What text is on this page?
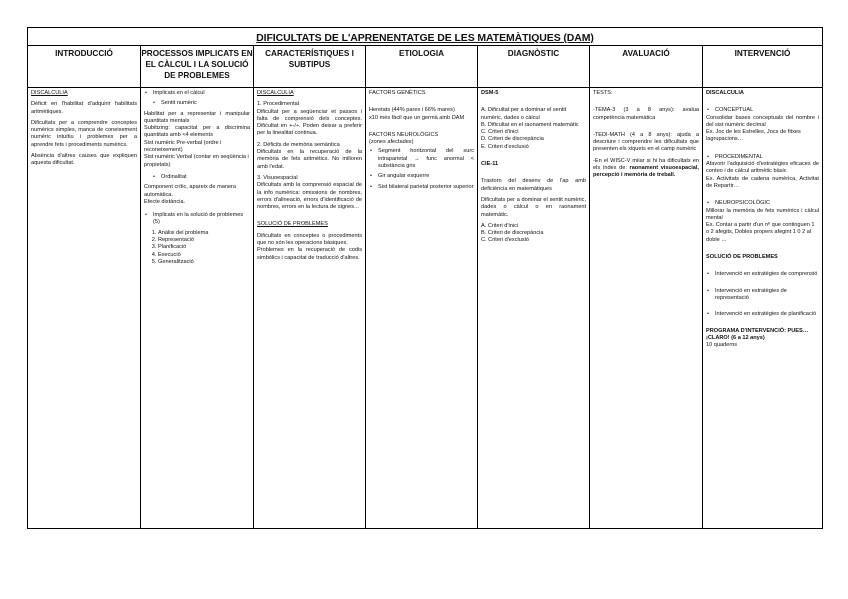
DIFICULTATS DE L'APRENENTATGE DE LES MATEMÀTIQUES (DAM)
INTRODUCCIÓ

DISCALCULIA

Dèficit en l'habilitat d'adquirir habilitats aritmètiques.

Dificultats per a comprendre conceptes numèrics simples, manca de coneixement numèric intuïtiu i problemes per a aprendre fets i procediments numèrics.

Absència d'altres causes que expliquen aquesta dificultat.

PROCESSOS IMPLICATS EN EL CÀLCUL I LA SOLUCIÓ DE PROBLEMES
• Implicats en el càlcul
• Sentit numèric

Habilitat per a representar i manipular quantitats mentals

Subitizing: capacitat per a discrimina quantitats amb <4 elements

Sist numèric Pre-verbal (ordre i reconeixement)

Sist numèric Verbal (contar en seqüència i propietats)

• Ordinalitat

Component crític, apareix de manera automàtica.

Efecte distància.

• Implicats en la solució de problemes (5)
1. Anàlisi del problema
2. Representació
3. Planificació
4. Execució
5. Generalització
CARACTERÍSTIQUES I SUBTIPUS

DISCALCULIA

1. Procedimental

Dificultat per a seqüenciar et passos i falta de comprensió dels conceptes. Dificultat en +-/÷. Poden deixar a preferir per la linealitat continua.

2. Dèficits de memòria semàntica

Dificultats en la recuperació de la memòria de fets aritmètics. No milloren amb l'edat.

3. Visuoespacial

Dificultats amb la comprensió espacial de la info numèrica: omissions de nombres, errors d'alineació, errors d'identificació de nombres, errors en la lectura de signes…

SOLUCIÓ DE PROBLEMES

Dificultats en conceptes o procediments que no són les operacions bàsiques.

Problemes en la recuperació de codis simbòlics i capacitat de traducció d'altres.

ETIOLOGIA

FACTORS GENÈTICS

Heretats (44% pares i 66% mares)

x10 més fàcil que un germà amb DAM

FACTORS NEUROLÒGICS

(zones afectades)

• Segment horitzontal del surc intraparietal → func anormal < substància gris
• Gir angular esquerre
• Sist bilateral parietal posterior superior
DIAGNÒSTIC

DSM-5

A. Dificultat per a dominar el sentit numèric, dades o càlcul

B. Dificultat en el raonament matemàtic

C. Criteri d'inici

D. Criteri de discrepància

E. Criteri d'exclusió

CIE-11

Trastorn del desenv de l'ap amb deficiència en matemàtiques

Dificultats per a dominar el sentit numèric, dades o càlcul o en raonament matemàtic.

A. Criteri d'inici

B. Criteri de discrepància

C. Criteri d'exclusió

AVALUACIÓ

TESTS:

-TEMA-3 (3 a 8 anys): avalua competència matemàtica

-TEDI-MATH (4 a 8 anys): ajuda a descriure i comprendre les dificultats que presenten els xiquets en el camp numèric

-En el WISC-V miiar si hi ha dificultats en els índex de: raonament visuoespacial, percepció i memòria de treball.

INTERVENCIÓ

DISCALCULIA

• CONCEPTUAL

Consolidar bases conceptuals del nombre i del sist numèric decimal

Ex. Joc de les Estrelles, Jocs de fitxes lagrupacions…

• PROCEDIMENTAL

Afavorir l'adquisició d'estratègies eficaces de conteo i de càlcul aritmètic bàsic

Ex. Activitats de cadena numèrica, Activitat de Repartir…

• NEUROPSICOLÒGIC

Millorar la memòria de fets numèrics i càlcul mental

Ex. Contar a partir d'un nº que continguen 1 o 2 afegits, Dobles propers afegint 1 0 2 al doble …

SOLUCIÓ DE PROBLEMES

• Intervenció en estratègies de comprensió
• Intervenció en estratègies de representació
• Intervenció en estratègies de planificació

PROGRAMA D'INTERVENCIÓ: PUES… ¡CLARO! (6 a 12 anys)

10 quaderns
